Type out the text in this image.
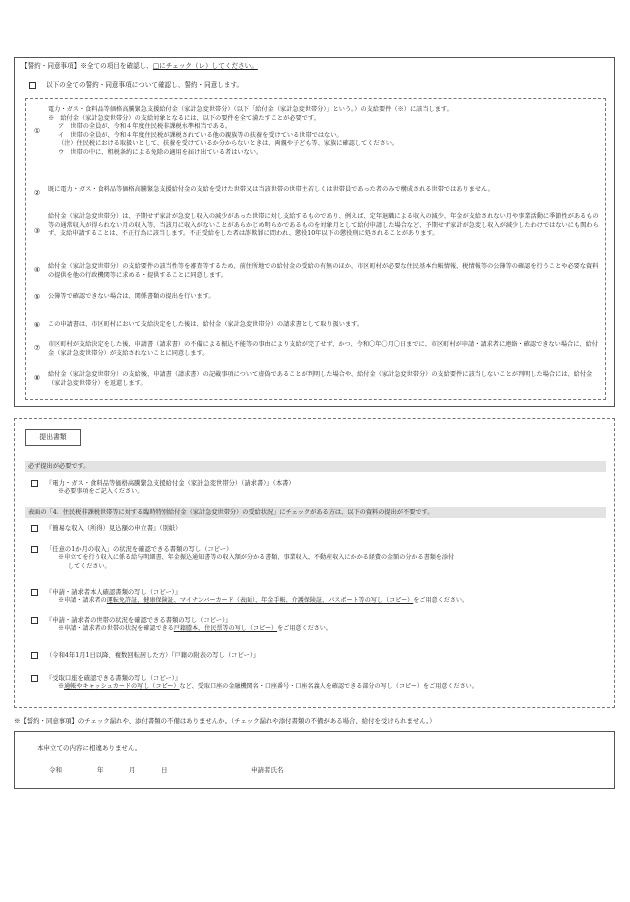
【誓約・同意事項】※全ての項目を確認し、□にチェック（レ）してください。
以下の全ての誓約・同意事項について確認し、誓約・同意します。
①
電力・ガス・食料品等価格高騰緊急支援給付金（家計急変世帯分）（以下「給付金（家計急変世帯分）」という。）の支給要件（※）に該当します。
※　給付金（家計急変世帯分）の支給対象となるには、以下の要件を全て満たすことが必要です。
ア　世帯の全員が、令和４年度住民税非課税水準相当である。
イ　世帯の全員が、令和４年度住民税が課税されている他の親族等の扶養を受けている世帯ではない。
（注）住民税における取扱いとして、扶養を受けているか分からないときは、両親や子ども等、家族に確認してください。
ウ　世帯の中に、租税条約による免除の適用を届け出ている者はいない。
②	既に電力・ガス・食料品等価格高騰緊急支援給付金の支給を受けた世帯又は当該世帯の世帯主若しくは世帯員であった者のみで構成される世帯ではありません。
③
給付金（家計急変世帯分）は、予期せず家計が急変し収入の減少があった世帯に対し支給するものであり、例えば、定年退職による収入の減少、年金が支給されない月や事業活動に季節性があるもの等の通常収入が得られない月の収入等、当該月に収入がないことがあらかじめ明らかであるものを対象月として給付申請した場合など、予期せず家計が急変し収入が減少したわけではないにも関わらず、支給申請することは、不正行為に該当します。不正受給をした者は詐欺罪に問われ、懲役10年以下の懲役刑に処されることがあります。
④	給付金（家計急変世帯分）の支給要件の該当性等を審査等するため、前住所地での給付金の受給の有無のほか、市区町村が必要な住民基本台帳情報、税情報等の公簿等の確認を行うことや必要な資料の提供を他の行政機関等に求める・提供することに同意します。
⑤	公簿等で確認できない場合は、関係書類の提出を行います。
⑥	この申請書は、市区町村において支給決定をした後は、給付金（家計急変世帯分）の請求書として取り扱います。
⑦	市区町村が支給決定をした後、申請書（請求書）の不備による振込不能等の事由により支給が完了せず、かつ、令和〇年〇月〇日までに、市区町村が申請・請求者に連絡・確認できない場合に、給付金（家計急変世帯分）が支給されないことに同意します。
⑧	給付金（家計急変世帯分）の支給後、申請書（請求書）の記載事項について虚偽であることが判明した場合や、給付金（家計急変世帯分）の支給要件に該当しないことが判明した場合には、給付金（家計急変世帯分）を返還します。
提出書類
必ず提出が必要です。
『電力・ガス・食料品等価格高騰緊急支援給付金（家計急変世帯分）（請求書）』（本書）
※必要事項をご記入ください。
表面の「4．住民税非課税世帯等に対する臨時特別給付金（家計急変世帯分）の受給状況」にチェックがある方は、以下の資料の提出が不要です。
『簡易な収入（所得）見込額の申立書』（別紙）
「任意の1か月の収入」の状況を確認できる書類の写し（コピー）
※申立てを行う収入に係る給与明細書、年金振込通知書等の収入額が分かる書類、事業収入、不動産収入にかかる経費の金額の分かる書類を添付
してください。
『申請・請求者本人確認書類の写し（コピー）』
※申請・請求者の運転免許証、健康保険証、マイナンバーカード（表面）、年金手帳、介護保険証、パスポート等の写し（コピー）をご用意ください。
『申請・請求者の世帯の状況を確認できる書類の写し（コピー）』
※申請・請求者の世帯の状況を確認できる戸籍謄本、住民票等の写し（コピー）をご用意ください。
（令和4年1月1日以降、複数回転居した方）『戸籍の附表の写し（コピー）』
『受取口座を確認できる書類の写し（コピー）』
※通帳やキャッシュカードの写し（コピー）など、受取口座の金融機関名・口座番号・口座名義人を確認できる部分の写し（コピー）をご用意ください。
※【誓約・同意事項】のチェック漏れや、添付書類の不備はありませんか。（チェック漏れや添付書類の不備がある場合、給付を受けられません。）
本申立ての内容に相違ありません。
令和	年	月	日	申請者氏名
